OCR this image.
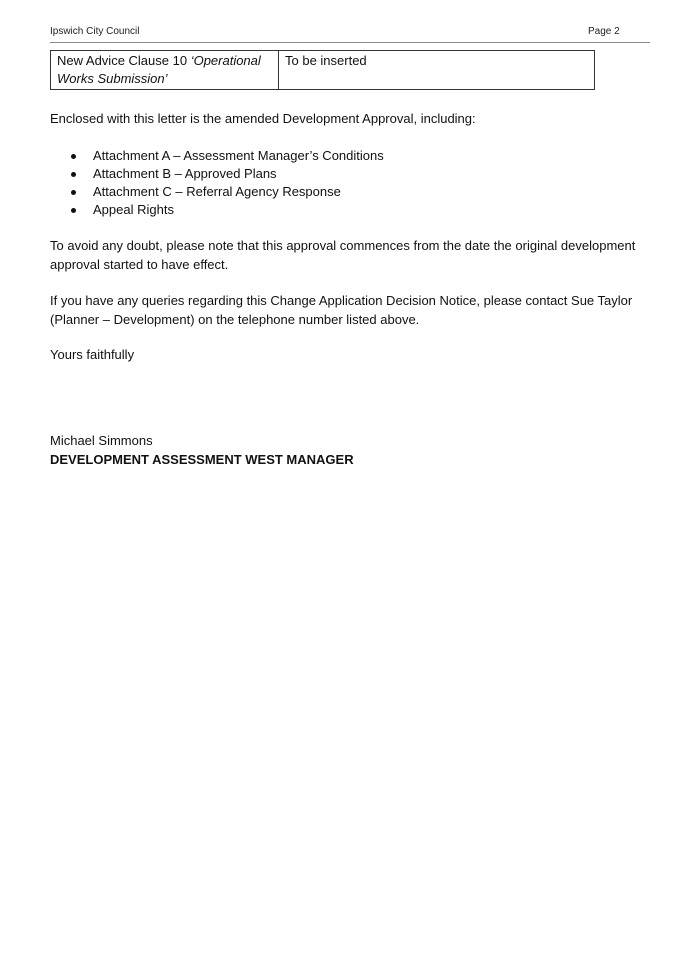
Ipswich City Council	Page 2
New Advice Clause 10 ‘Operational Works Submission’	To be inserted
Enclosed with this letter is the amended Development Approval, including:
Attachment A – Assessment Manager’s Conditions
Attachment B – Approved Plans
Attachment C – Referral Agency Response
Appeal Rights
To avoid any doubt, please note that this approval commences from the date the original development approval started to have effect.
If you have any queries regarding this Change Application Decision Notice, please contact Sue Taylor (Planner – Development) on the telephone number listed above.
Yours faithfully
Michael Simmons
DEVELOPMENT ASSESSMENT WEST MANAGER
